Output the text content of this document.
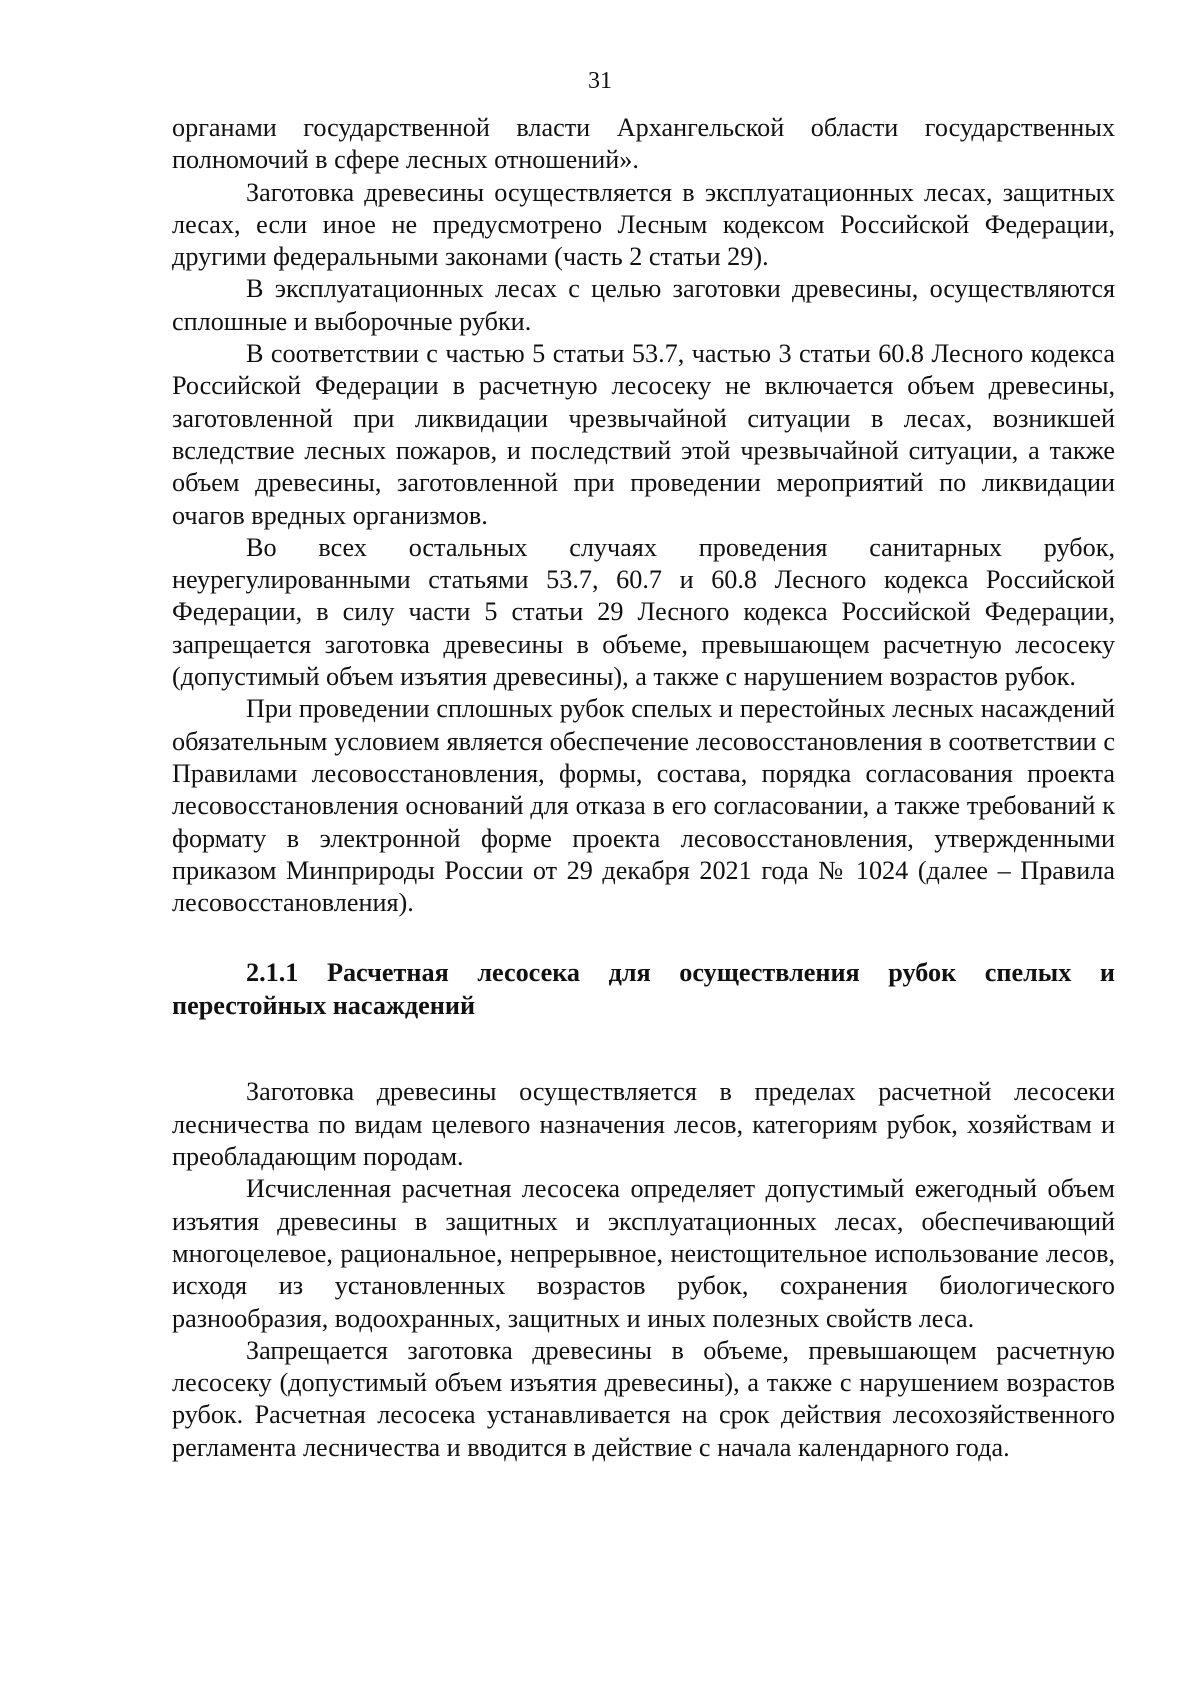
31

органами государственной власти Архангельской области государственных полномочий в сфере лесных отношений».

Заготовка древесины осуществляется в эксплуатационных лесах, защитных лесах, если иное не предусмотрено Лесным кодексом Российской Федерации, другими федеральными законами (часть 2 статьи 29).

В эксплуатационных лесах с целью заготовки древесины, осуществляются сплошные и выборочные рубки.

В соответствии с частью 5 статьи 53.7, частью 3 статьи 60.8 Лесного кодекса Российской Федерации в расчетную лесосеку не включается объем древесины, заготовленной при ликвидации чрезвычайной ситуации в лесах, возникшей вследствие лесных пожаров, и последствий этой чрезвычайной ситуации, а также объем древесины, заготовленной при проведении мероприятий по ликвидации очагов вредных организмов.

Во всех остальных случаях проведения санитарных рубок, неурегулированными статьями 53.7, 60.7 и 60.8 Лесного кодекса Российской Федерации, в силу части 5 статьи 29 Лесного кодекса Российской Федерации, запрещается заготовка древесины в объеме, превышающем расчетную лесосеку (допустимый объем изъятия древесины), а также с нарушением возрастов рубок.

При проведении сплошных рубок спелых и перестойных лесных насаждений обязательным условием является обеспечение лесовосстановления в соответствии с Правилами лесовосстановления, формы, состава, порядка согласования проекта лесовосстановления оснований для отказа в его согласовании, а также требований к формату в электронной форме проекта лесовосстановления, утвержденными приказом Минприроды России от 29 декабря 2021 года № 1024 (далее – Правила лесовосстановления).

2.1.1 Расчетная лесосека для осуществления рубок спелых и перестойных насаждений

Заготовка древесины осуществляется в пределах расчетной лесосеки лесничества по видам целевого назначения лесов, категориям рубок, хозяйствам и преобладающим породам.

Исчисленная расчетная лесосека определяет допустимый ежегодный объем изъятия древесины в защитных и эксплуатационных лесах, обеспечивающий многоцелевое, рациональное, непрерывное, неистощительное использование лесов, исходя из установленных возрастов рубок, сохранения биологического разнообразия, водоохранных, защитных и иных полезных свойств леса.

Запрещается заготовка древесины в объеме, превышающем расчетную лесосеку (допустимый объем изъятия древесины), а также с нарушением возрастов рубок. Расчетная лесосека устанавливается на срок действия лесохозяйственного регламента лесничества и вводится в действие с начала календарного года.
